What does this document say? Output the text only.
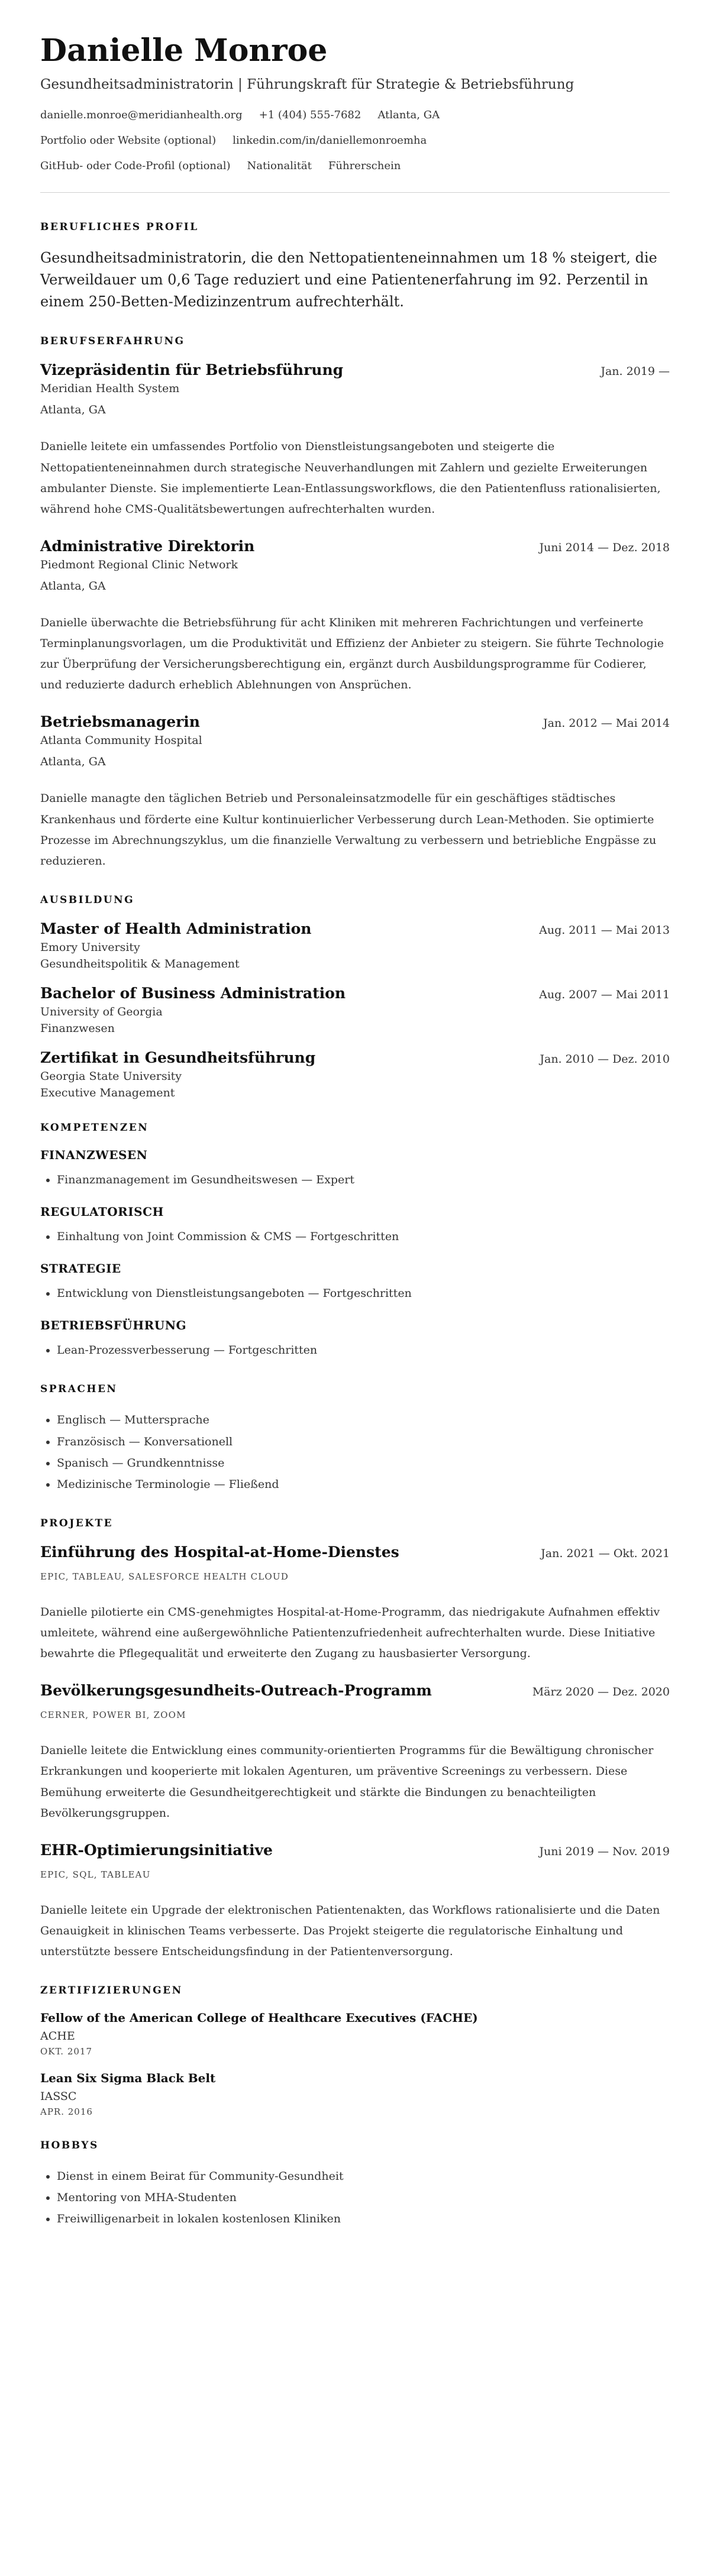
Danielle Monroe
Gesundheitsadministratorin | Führungskraft für Strategie & Betriebsführung
danielle.monroe@meridianhealth.org +1 (404) 555-7682 Atlanta, GA
Portfolio oder Website (optional) linkedin.com/in/daniellemonroemha
GitHub- oder Code-Profil (optional) Nationalität Führerschein
BERUFLICHES PROFIL

Gesundheitsadministratorin, die den Nettopatienteneinnahmen um 18 % steigert, die Verweildauer um 0,6 Tage reduziert und eine Patientenerfahrung im 92. Perzentil in einem 250-Betten-Medizinzentrum aufrechterhält.

BERUFSERFAHRUNG
Vizepräsidentin für Betriebsführung	Jan. 2019 —
Meridian Health System
Atlanta, GA

Danielle leitete ein umfassendes Portfolio von Dienstleistungsangeboten und steigerte die Nettopatienteneinnahmen durch strategische Neuverhandlungen mit Zahlern und gezielte Erweiterungen ambulanter Dienste. Sie implementierte Lean-Entlassungsworkflows, die den Patientenfluss rationalisierten, während hohe CMS-Qualitätsbewertungen aufrechterhalten wurden.

Administrative Direktorin	Juni 2014 — Dez. 2018
Piedmont Regional Clinic Network
Atlanta, GA

Danielle überwachte die Betriebsführung für acht Kliniken mit mehreren Fachrichtungen und verfeinerte Terminplanungsvorlagen, um die Produktivität und Effizienz der Anbieter zu steigern. Sie führte Technologie zur Überprüfung der Versicherungsberechtigung ein, ergänzt durch Ausbildungsprogramme für Codierer, und reduzierte dadurch erheblich Ablehnungen von Ansprüchen.

Betriebsmanagerin	Jan. 2012 — Mai 2014
Atlanta Community Hospital
Atlanta, GA

Danielle managte den täglichen Betrieb und Personaleinsatzmodelle für ein geschäftiges städtisches Krankenhaus und förderte eine Kultur kontinuierlicher Verbesserung durch Lean-Methoden. Sie optimierte Prozesse im Abrechnungszyklus, um die finanzielle Verwaltung zu verbessern und betriebliche Engpässe zu reduzieren.

AUSBILDUNG
Master of Health Administration	Aug. 2011 — Mai 2013
Emory University
Gesundheitspolitik & Management
Bachelor of Business Administration	Aug. 2007 — Mai 2011
University of Georgia
Finanzwesen
Zertifikat in Gesundheitsführung	Jan. 2010 — Dez. 2010
Georgia State University
Executive Management
KOMPETENZEN
FINANZWESEN
• Finanzmanagement im Gesundheitswesen — Expert
REGULATORISCH
• Einhaltung von Joint Commission & CMS — Fortgeschritten
STRATEGIE
• Entwicklung von Dienstleistungsangeboten — Fortgeschritten
BETRIEBSFÜHRUNG
• Lean-Prozessverbesserung — Fortgeschritten
SPRACHEN
• Englisch — Muttersprache
• Französisch — Konversationell
• Spanisch — Grundkenntnisse
• Medizinische Terminologie — Fließend
PROJEKTE
Einführung des Hospital-at-Home-Dienstes	Jan. 2021 — Okt. 2021
EPIC, TABLEAU, SALESFORCE HEALTH CLOUD

Danielle pilotierte ein CMS-genehmigtes Hospital-at-Home-Programm, das niedrigakute Aufnahmen effektiv umleitete, während eine außergewöhnliche Patientenzufriedenheit aufrechterhalten wurde. Diese Initiative bewahrte die Pflegequalität und erweiterte den Zugang zu hausbasierter Versorgung.

Bevölkerungsgesundheits-Outreach-Programm	März 2020 — Dez. 2020
CERNER, POWER BI, ZOOM

Danielle leitete die Entwicklung eines community-orientierten Programms für die Bewältigung chronischer Erkrankungen und kooperierte mit lokalen Agenturen, um präventive Screenings zu verbessern. Diese Bemühung erweiterte die Gesundheitgerechtigkeit und stärkte die Bindungen zu benachteiligten Bevölkerungsgruppen.

EHR-Optimierungsinitiative	Juni 2019 — Nov. 2019
EPIC, SQL, TABLEAU

Danielle leitete ein Upgrade der elektronischen Patientenakten, das Workflows rationalisierte und die Daten Genauigkeit in klinischen Teams verbesserte. Das Projekt steigerte die regulatorische Einhaltung und unterstützte bessere Entscheidungsfindung in der Patientenversorgung.

ZERTIFIZIERUNGEN
Fellow of the American College of Healthcare Executives (FACHE)
ACHE
OKT. 2017
Lean Six Sigma Black Belt
IASSC
APR. 2016
HOBBYS
• Dienst in einem Beirat für Community-Gesundheit
• Mentoring von MHA-Studenten
• Freiwilligenarbeit in lokalen kostenlosen Kliniken
